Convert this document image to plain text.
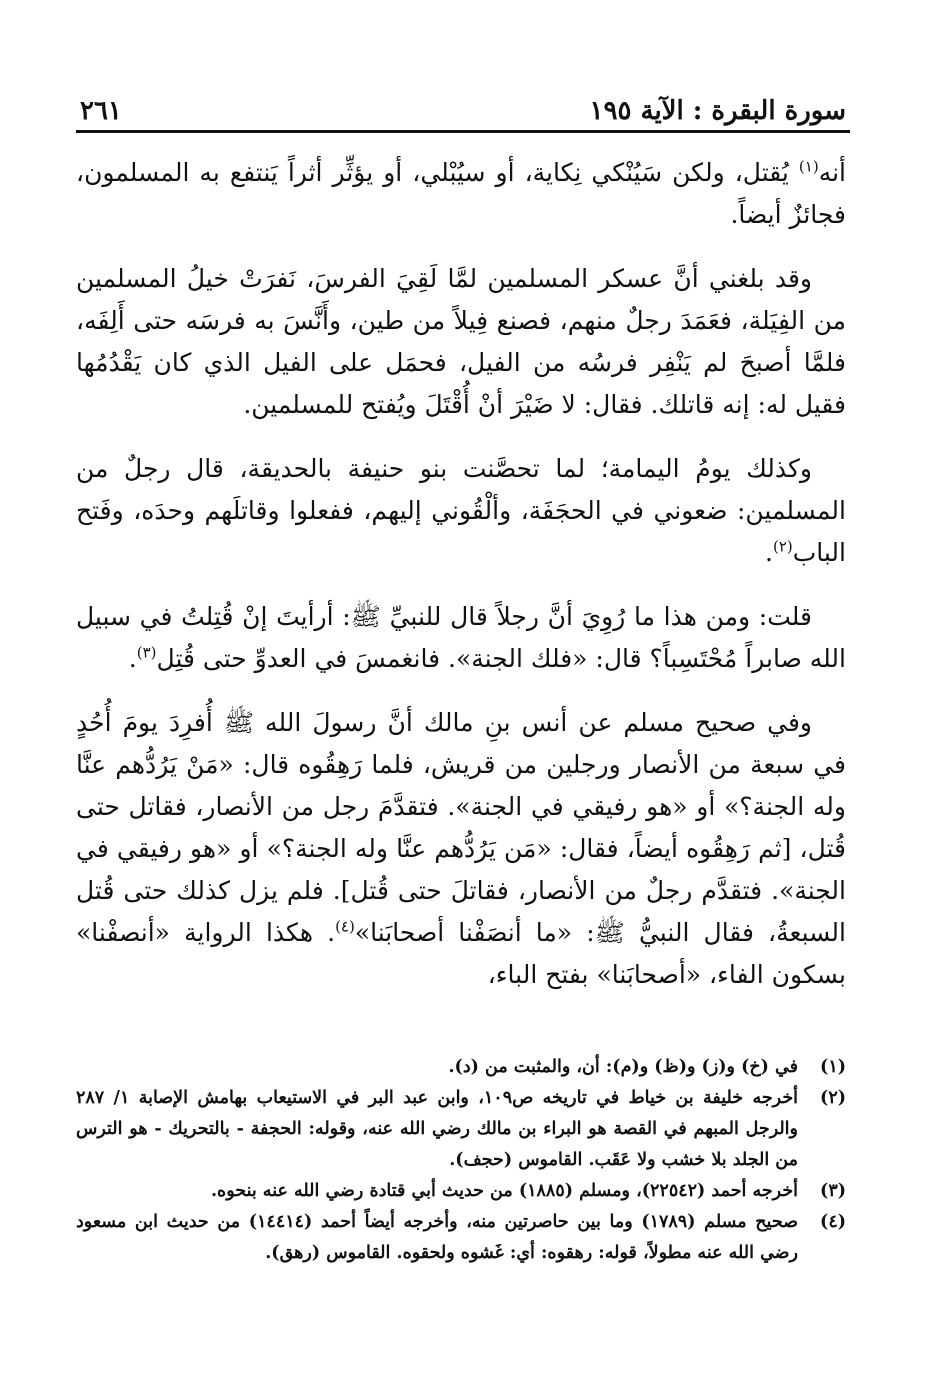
سورة البقرة : الآية ١٩٥
٢٦١

أنه$^{(١)}$ يُقتل، ولكن سَيُنْكي نِكاية، أو سيُبْلي، أو يؤثِّر أثراً يَنتفع به المسلمون، فجائزٌ أيضاً.

وقد بلغني أنَّ عسكر المسلمين لمَّا لَقِيَ الفرسَ، نَفرَتْ خيلُ المسلمين من الفِيَلة، فعَمَدَ رجلٌ منهم، فصنع فِيلاً من طين، وأَنَّسَ به فرسَه حتى أَلِفَه، فلمَّا أصبحَ لم يَنْفِر فرسُه من الفيل، فحمَل على الفيل الذي كان يَقْدُمُها فقيل له: إنه قاتلك. فقال: لا ضَيْرَ أنْ أُقْتَلَ ويُفتح للمسلمين.

وكذلك يومُ اليمامة؛ لما تحصَّنت بنو حنيفة بالحديقة، قال رجلٌ من المسلمين: ضعوني في الحجَفَة، وألْقُوني إليهم، ففعلوا وقاتلَهم وحدَه، وفَتح الباب$^{(٢)}$.

قلت: ومن هذا ما رُوِيَ أنَّ رجلاً قال للنبيِّ ﷺ: أرأيتَ إنْ قُتِلتُ في سبيل الله صابراً مُحْتَسِباً؟ قال: «فلك الجنة». فانغمسَ في العدوِّ حتى قُتِل$^{(٣)}$.

وفي صحيح مسلم عن أنس بنِ مالك أنَّ رسولَ الله ﷺ أُفرِدَ يومَ أُحُدٍ في سبعة من الأنصار ورجلين من قريش، فلما رَهِقُوه قال: «مَنْ يَرُدُّهم عنَّا وله الجنة؟» أو «هو رفيقي في الجنة». فتقدَّمَ رجل من الأنصار، فقاتل حتى قُتل، [ثم رَهِقُوه أيضاً، فقال: «مَن يَرُدُّهم عنَّا وله الجنة؟» أو «هو رفيقي في الجنة». فتقدَّم رجلٌ من الأنصار، فقاتلَ حتى قُتل]. فلم يزل كذلك حتى قُتل السبعةُ، فقال النبيُّ ﷺ: «ما أنصَفْنا أصحابَنا»$^{(٤)}$. هكذا الرواية «أنصفْنا» بسكون الفاء، «أصحابَنا» بفتح الباء،

(١)
في (خ) و(ز) و(ظ) و(م): أن، والمثبت من (د).
(٢)
أخرجه خليفة بن خياط في تاريخه ص١٠٩، وابن عبد البر في الاستيعاب بهامش الإصابة ١/ ٢٨٧ والرجل المبهم في القصة هو البراء بن مالك رضي الله عنه، وقوله: الحجفة - بالتحريك - هو الترس من الجلد بلا خشب ولا عَقَب. القاموس (حجف).
(٣)
أخرجه أحمد (٢٢٥٤٢)، ومسلم (١٨٨٥) من حديث أبي قتادة رضي الله عنه بنحوه.
(٤)
صحيح مسلم (١٧٨٩) وما بين حاصرتين منه، وأخرجه أيضاً أحمد (١٤٤١٤) من حديث ابن مسعود رضي الله عنه مطولاً، قوله: رهقوه: أي: غَشوه ولحقوه. القاموس (رهق).
